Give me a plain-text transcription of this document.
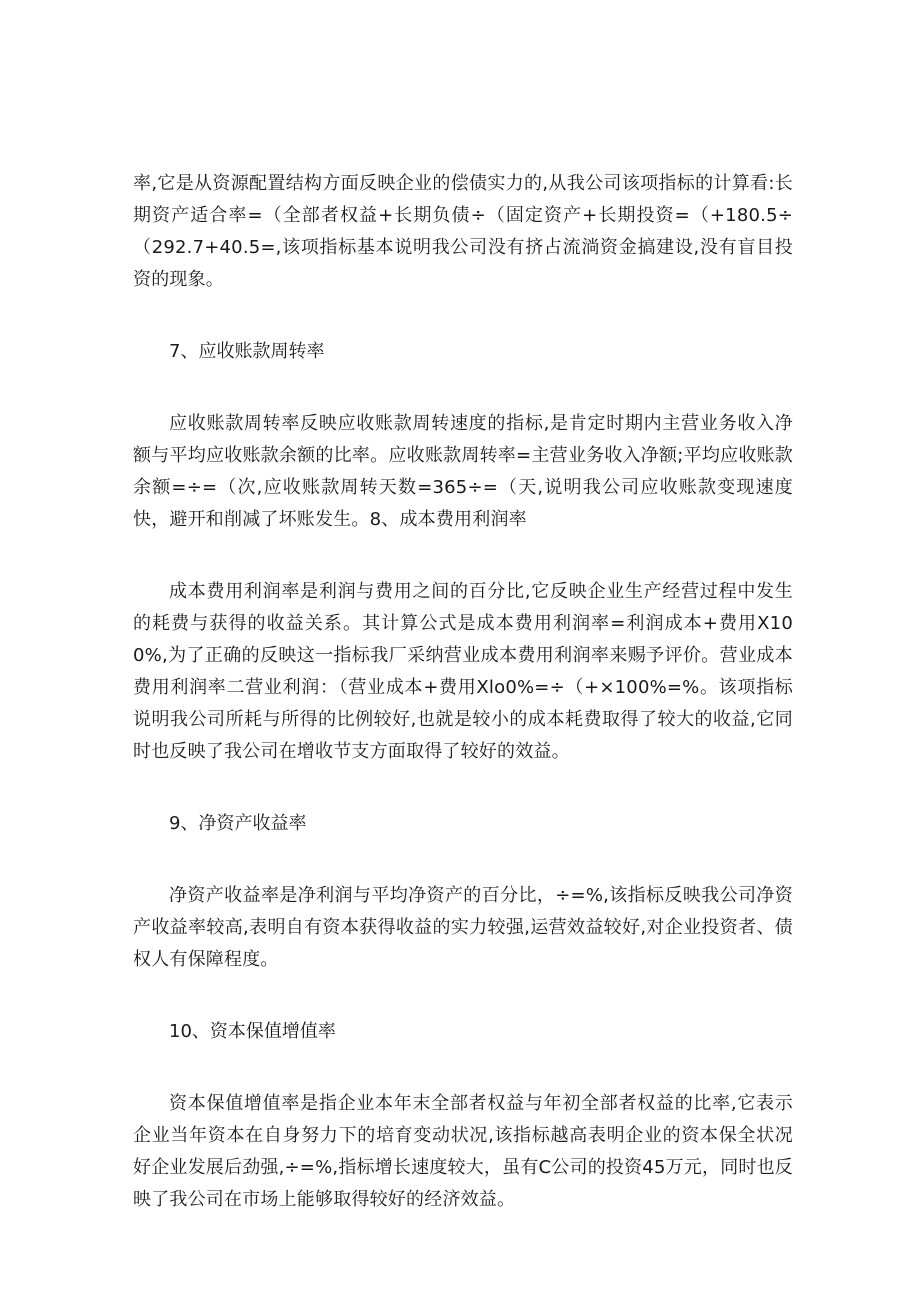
率,它是从资源配置结构方面反映企业的偿债实力的,从我公司该项指标的计算看:长期资产适合率=（全部者权益+长期负债÷（固定资产+长期投资=（+180.5÷（292.7+40.5=,该项指标基本说明我公司没有挤占流淌资金搞建设,没有盲目投资的现象。

7、应收账款周转率

应收账款周转率反映应收账款周转速度的指标,是肯定时期内主营业务收入净额与平均应收账款余额的比率。应收账款周转率=主营业务收入净额;平均应收账款余额=÷=（次,应收账款周转天数=365÷=（天,说明我公司应收账款变现速度快，避开和削减了坏账发生。8、成本费用利润率

成本费用利润率是利润与费用之间的百分比,它反映企业生产经营过程中发生的耗费与获得的收益关系。其计算公式是成本费用利润率=利润成本+费用X100%,为了正确的反映这一指标我厂采纳营业成本费用利润率来赐予评价。营业成本费用利润率二营业利润：（营业成本+费用Xlo0%=÷（+×100%=%。该项指标说明我公司所耗与所得的比例较好,也就是较小的成本耗费取得了较大的收益,它同时也反映了我公司在增收节支方面取得了较好的效益。

9、净资产收益率

净资产收益率是净利润与平均净资产的百分比，÷=%,该指标反映我公司净资产收益率较高,表明自有资本获得收益的实力较强,运营效益较好,对企业投资者、债权人有保障程度。

10、资本保值增值率

资本保值增值率是指企业本年末全部者权益与年初全部者权益的比率,它表示企业当年资本在自身努力下的培育变动状况,该指标越高表明企业的资本保全状况好企业发展后劲强,÷=%,指标增长速度较大，虽有C公司的投资45万元，同时也反映了我公司在市场上能够取得较好的经济效益。
